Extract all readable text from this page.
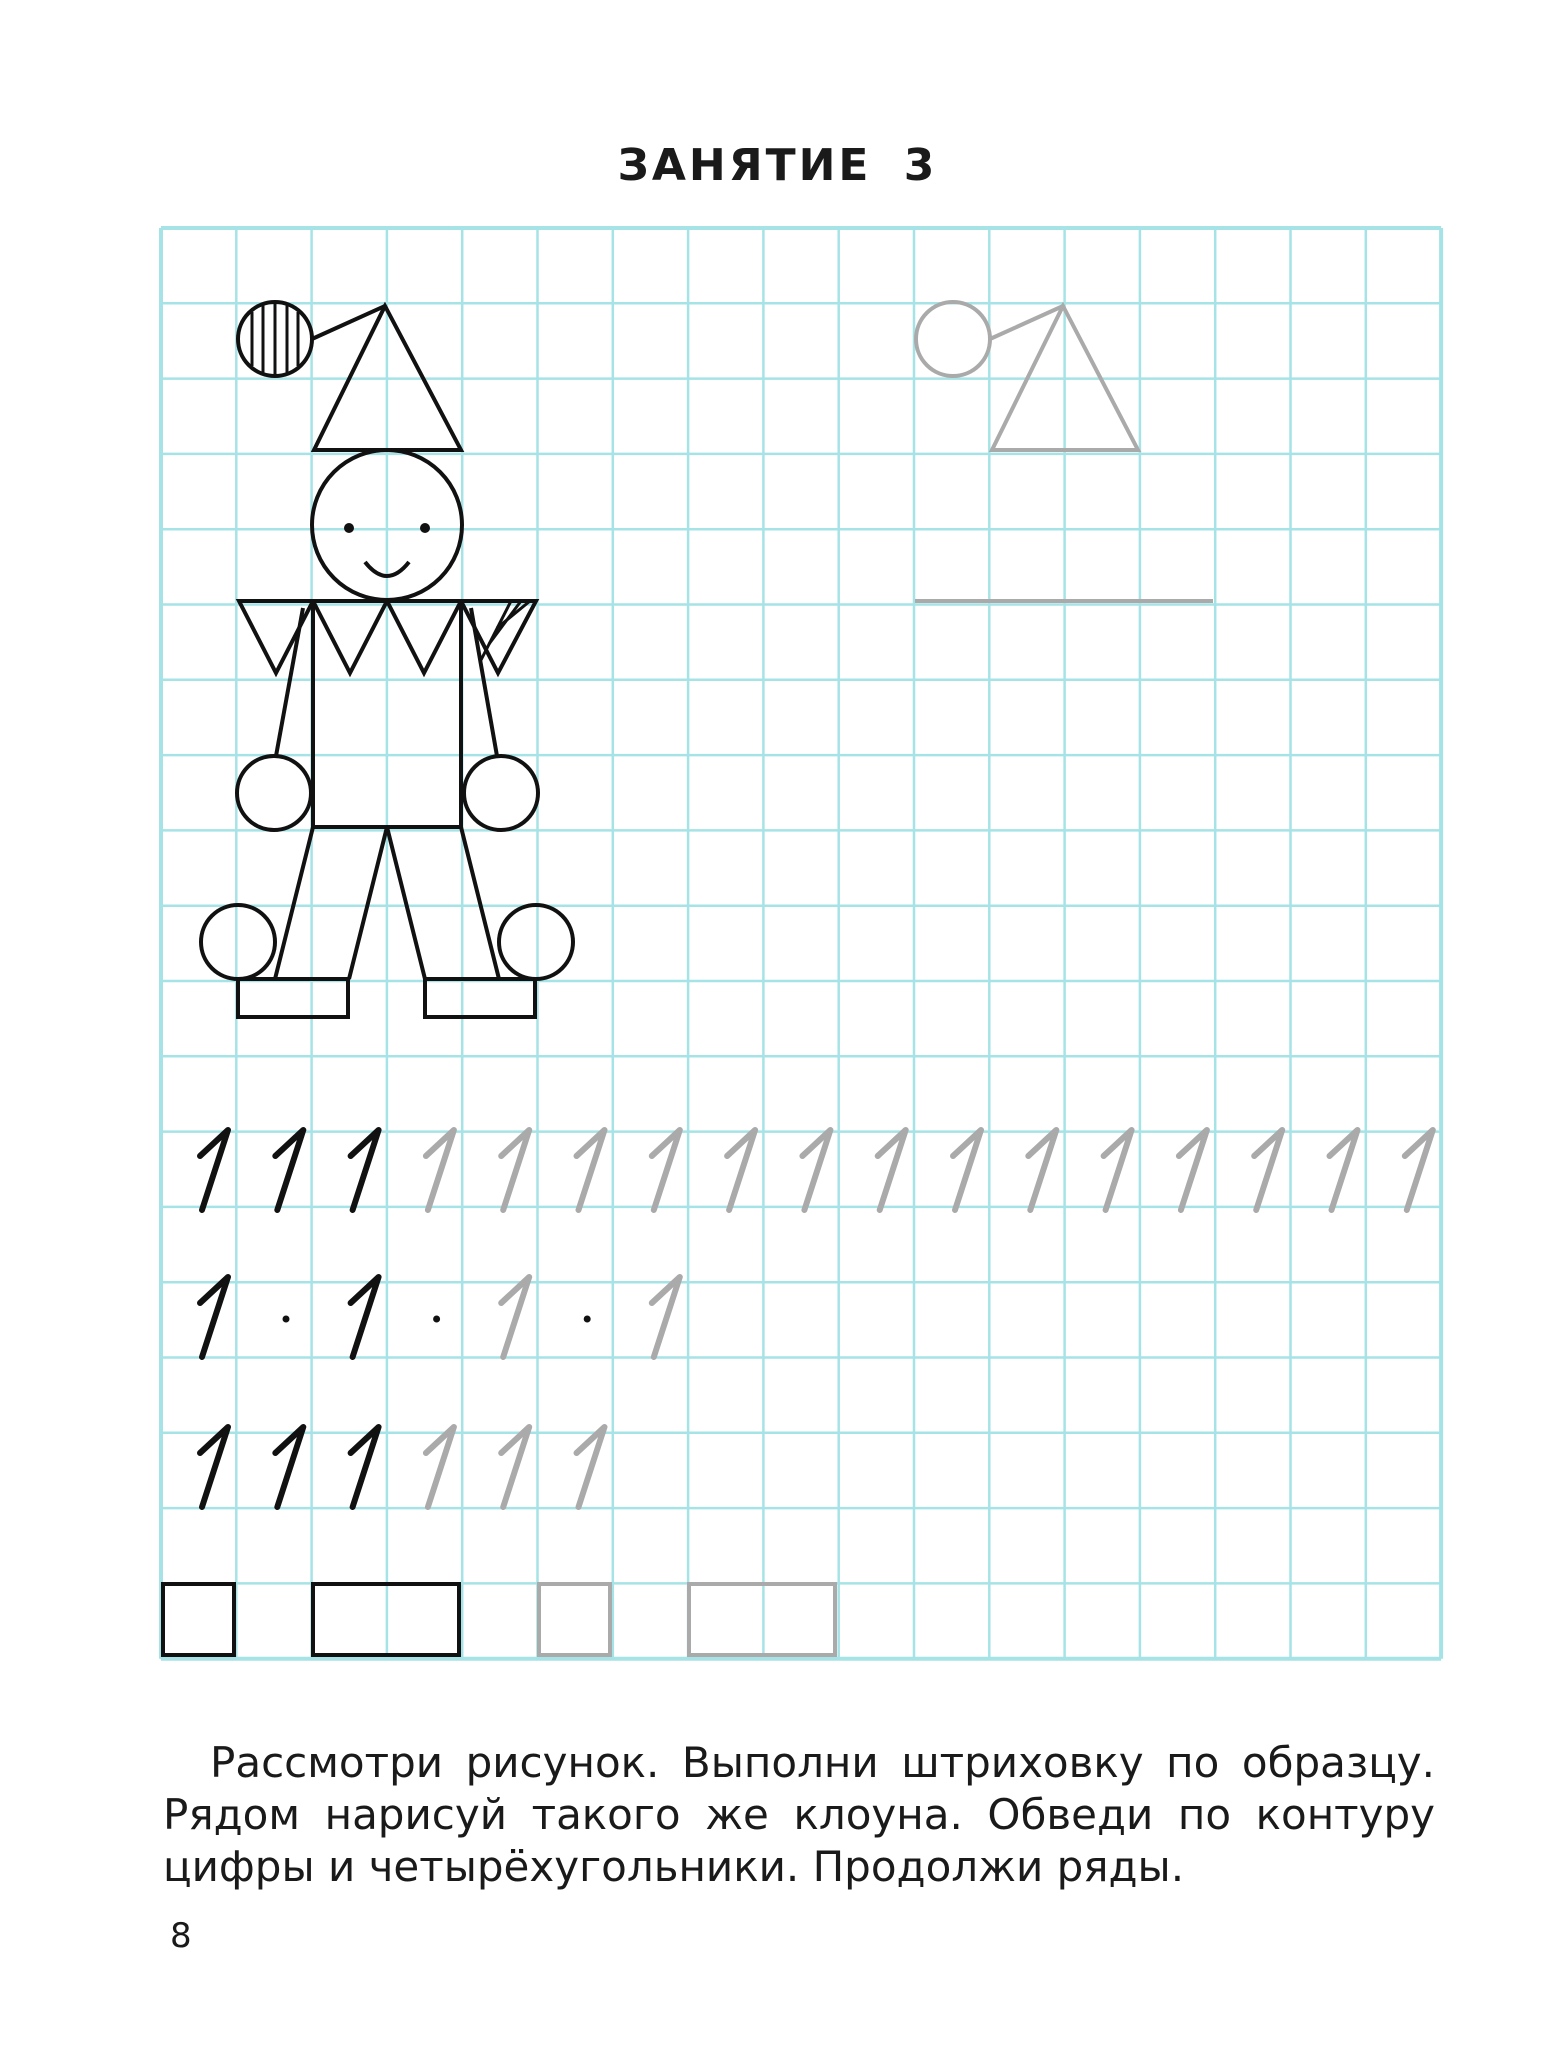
ЗАНЯТИЕ 3

Рассмотри рисунок. Выполни штриховку по образцу. Рядом нарисуй такого же клоуна. Обведи по контуру цифры и четырёхугольники. Продолжи ряды.

8
